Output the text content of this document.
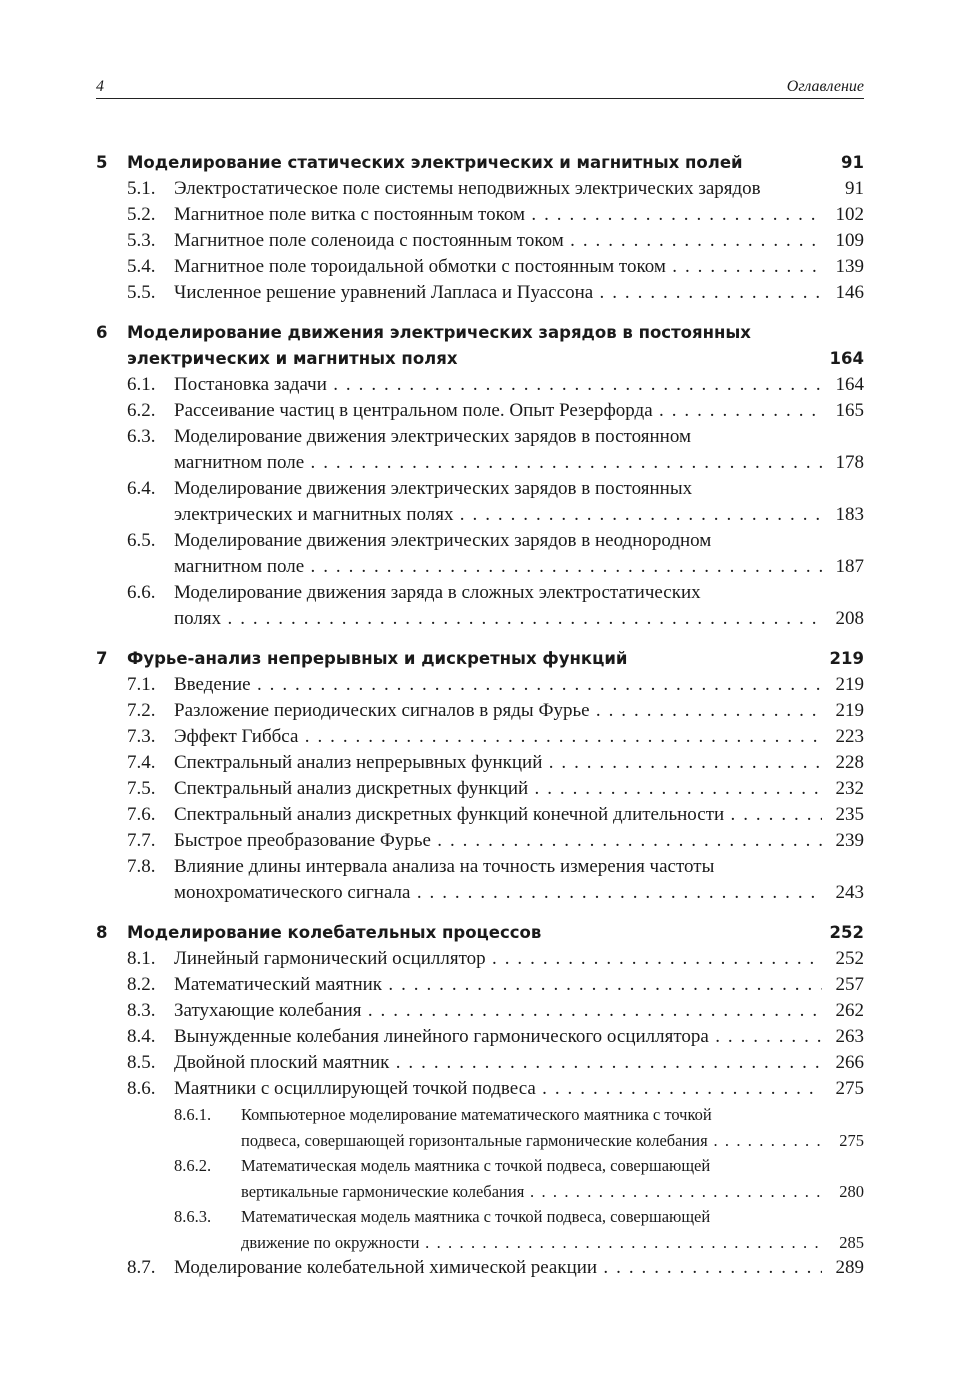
4	Оглавление
5 Моделирование статических электрических и магнитных полей	91
5.1. Электростатическое поле системы неподвижных электрических зарядов	91
5.2. Магнитное поле витка с постоянным током . . .	102
5.3. Магнитное поле соленоида с постоянным током . . .	109
5.4. Магнитное поле тороидальной обмотки с постоянным током . . .	139
5.5. Численное решение уравнений Лапласа и Пуассона . . .	146
6 Моделирование движения электрических зарядов в постоянных
электрических и магнитных полях	164
6.1. Постановка задачи . . .	164
6.2. Рассеивание частиц в центральном поле. Опыт Резерфорда . . .	165
6.3. Моделирование движения электрических зарядов в постоянном
магнитном поле . . .	178
6.4. Моделирование движения электрических зарядов в постоянных
электрических и магнитных полях . . .	183
6.5. Моделирование движения электрических зарядов в неоднородном
магнитном поле . . .	187
6.6. Моделирование движения заряда в сложных электростатических
полях . . .	208
7 Фурье-анализ непрерывных и дискретных функций	219
7.1. Введение . . .	219
7.2. Разложение периодических сигналов в ряды Фурье . . .	219
7.3. Эффект Гиббса . . .	223
7.4. Спектральный анализ непрерывных функций . . .	228
7.5. Спектральный анализ дискретных функций . . .	232
7.6. Спектральный анализ дискретных функций конечной длительности . . .	235
7.7. Быстрое преобразование Фурье . . .	239
7.8. Влияние длины интервала анализа на точность измерения частоты
монохроматического сигнала . . .	243
8 Моделирование колебательных процессов	252
8.1. Линейный гармонический осциллятор . . .	252
8.2. Математический маятник . . .	257
8.3. Затухающие колебания . . .	262
8.4. Вынужденные колебания линейного гармонического осциллятора . . .	263
8.5. Двойной плоский маятник . . .	266
8.6. Маятники с осциллирующей точкой подвеса . . .	275
8.6.1. Компьютерное моделирование математического маятника с точкой
подвеса, совершающей горизонтальные гармонические колебания . . .	275
8.6.2. Математическая модель маятника с точкой подвеса, совершающей
вертикальные гармонические колебания . . .	280
8.6.3. Математическая модель маятника с точкой подвеса, совершающей
движение по окружности . . .	285
8.7. Моделирование колебательной химической реакции . . .	289
